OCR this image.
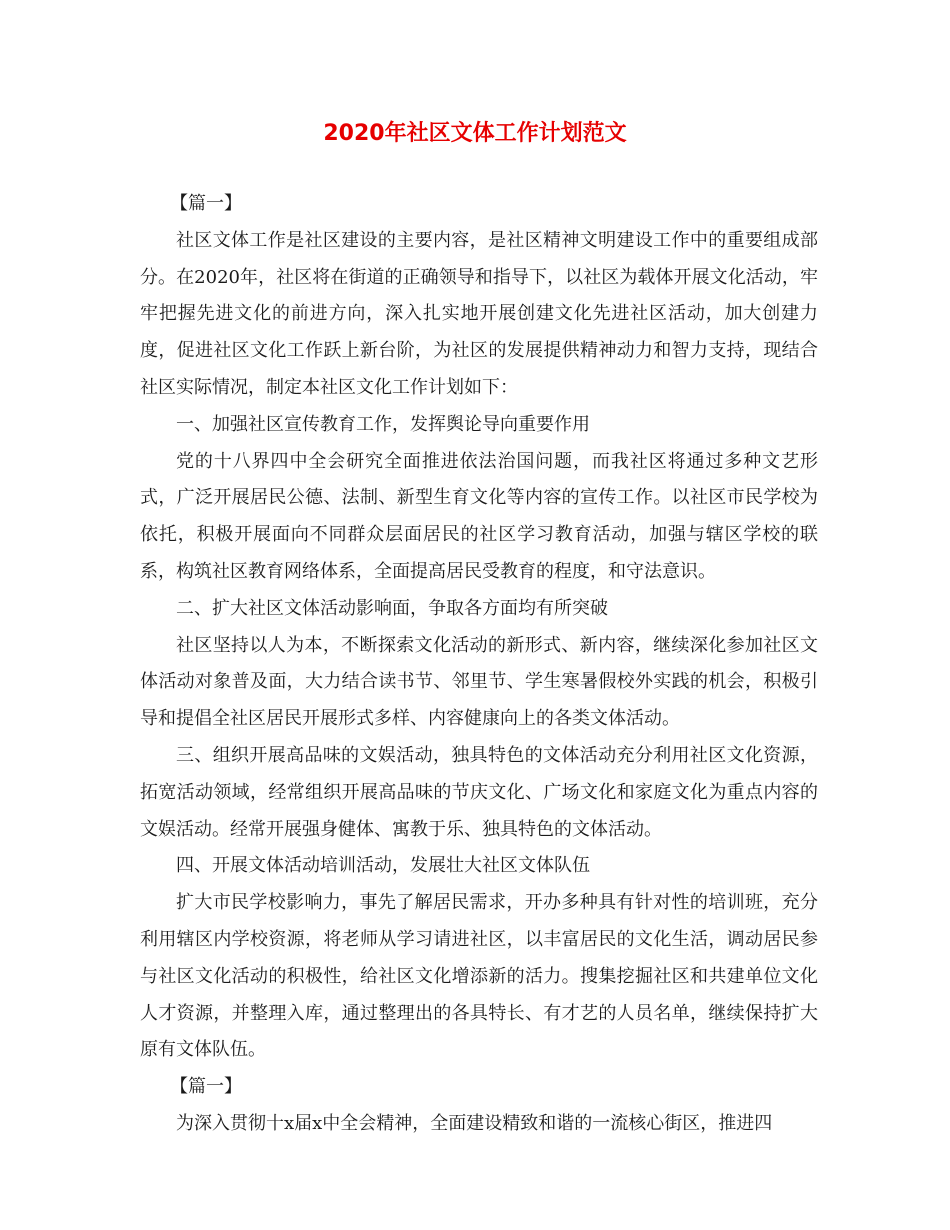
2020年社区文体工作计划范文

【篇一】

社区文体工作是社区建设的主要内容，是社区精神文明建设工作中的重要组成部分。在2020年，社区将在街道的正确领导和指导下，以社区为载体开展文化活动，牢牢把握先进文化的前进方向，深入扎实地开展创建文化先进社区活动，加大创建力度，促进社区文化工作跃上新台阶，为社区的发展提供精神动力和智力支持，现结合社区实际情况，制定本社区文化工作计划如下：

一、加强社区宣传教育工作，发挥舆论导向重要作用

党的十八界四中全会研究全面推进依法治国问题，而我社区将通过多种文艺形式，广泛开展居民公德、法制、新型生育文化等内容的宣传工作。以社区市民学校为依托，积极开展面向不同群众层面居民的社区学习教育活动，加强与辖区学校的联系，构筑社区教育网络体系，全面提高居民受教育的程度，和守法意识。

二、扩大社区文体活动影响面，争取各方面均有所突破

社区坚持以人为本，不断探索文化活动的新形式、新内容，继续深化参加社区文体活动对象普及面，大力结合读书节、邻里节、学生寒暑假校外实践的机会，积极引导和提倡全社区居民开展形式多样、内容健康向上的各类文体活动。

三、组织开展高品味的文娱活动，独具特色的文体活动充分利用社区文化资源，拓宽活动领域，经常组织开展高品味的节庆文化、广场文化和家庭文化为重点内容的文娱活动。经常开展强身健体、寓教于乐、独具特色的文体活动。

四、开展文体活动培训活动，发展壮大社区文体队伍

扩大市民学校影响力，事先了解居民需求，开办多种具有针对性的培训班，充分利用辖区内学校资源，将老师从学习请进社区，以丰富居民的文化生活，调动居民参与社区文化活动的积极性，给社区文化增添新的活力。搜集挖掘社区和共建单位文化人才资源，并整理入库，通过整理出的各具特长、有才艺的人员名单，继续保持扩大原有文体队伍。

【篇一】

为深入贯彻十x届x中全会精神，全面建设精致和谐的一流核心街区，推进四
